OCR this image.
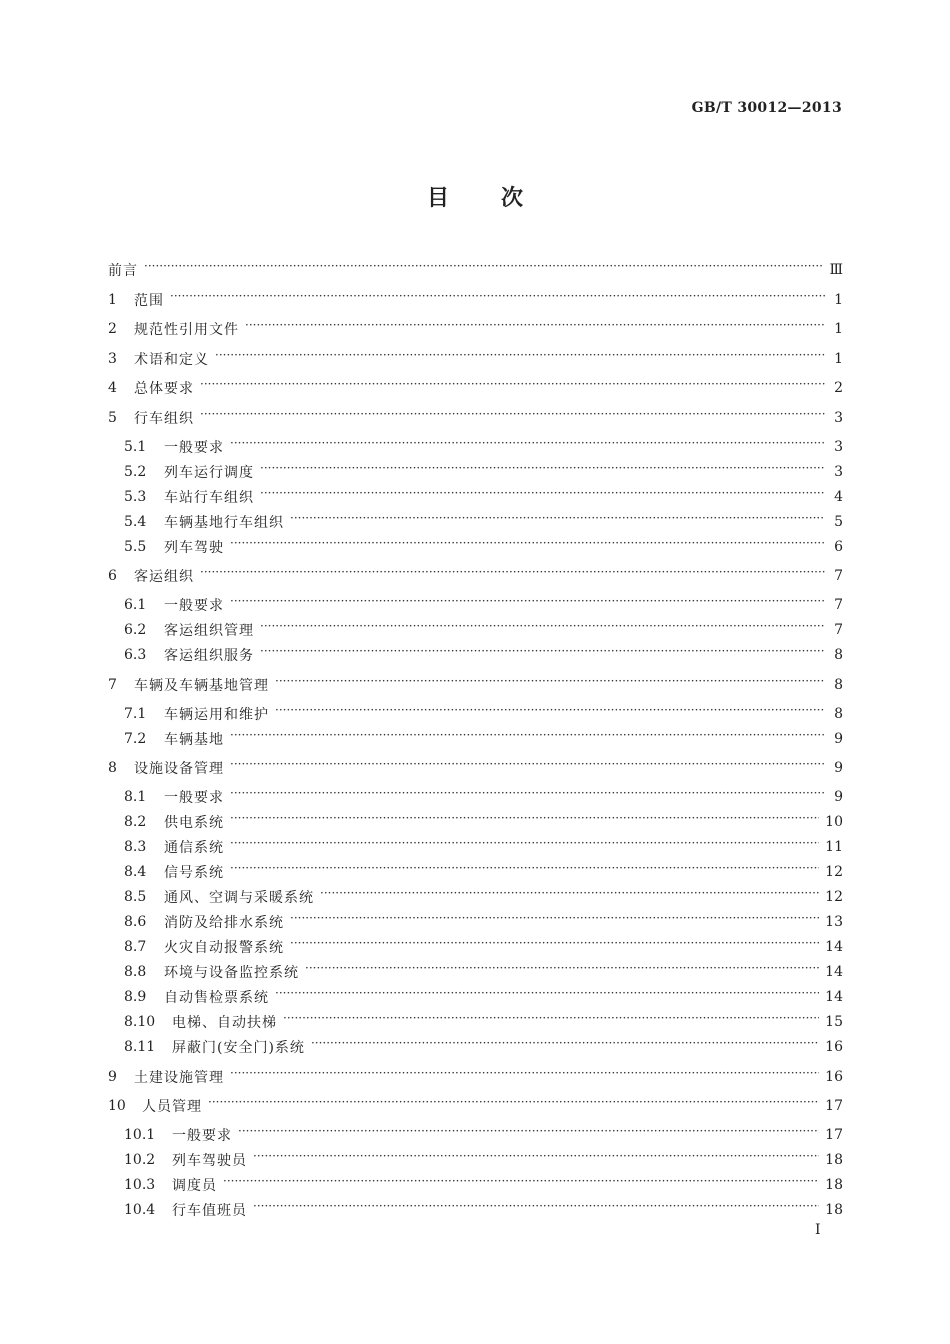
GB/T 30012—2013
目 次
前言 ·····	Ⅲ
1	范围 ·····	1
2	规范性引用文件 ·····	1
3	术语和定义 ·····	1
4	总体要求 ·····	2
5	行车组织 ·····	3
5.1	一般要求 ·····	3
5.2	列车运行调度 ·····	3
5.3	车站行车组织 ·····	4
5.4	车辆基地行车组织 ·····	5
5.5	列车驾驶 ·····	6
6	客运组织 ·····	7
6.1	一般要求 ·····	7
6.2	客运组织管理 ·····	7
6.3	客运组织服务 ·····	8
7	车辆及车辆基地管理 ·····	8
7.1	车辆运用和维护 ·····	8
7.2	车辆基地 ·····	9
8	设施设备管理 ·····	9
8.1	一般要求 ·····	9
8.2	供电系统 ·····	10
8.3	通信系统 ·····	11
8.4	信号系统 ·····	12
8.5	通风、空调与采暖系统 ·····	12
8.6	消防及给排水系统 ·····	13
8.7	火灾自动报警系统 ·····	14
8.8	环境与设备监控系统 ·····	14
8.9	自动售检票系统 ·····	14
8.10	电梯、自动扶梯 ·····	15
8.11	屏蔽门(安全门)系统 ·····	16
9	土建设施管理 ·····	16
10	人员管理 ·····	17
10.1	一般要求 ·····	17
10.2	列车驾驶员 ·····	18
10.3	调度员 ·····	18
10.4	行车值班员 ·····	18
I
